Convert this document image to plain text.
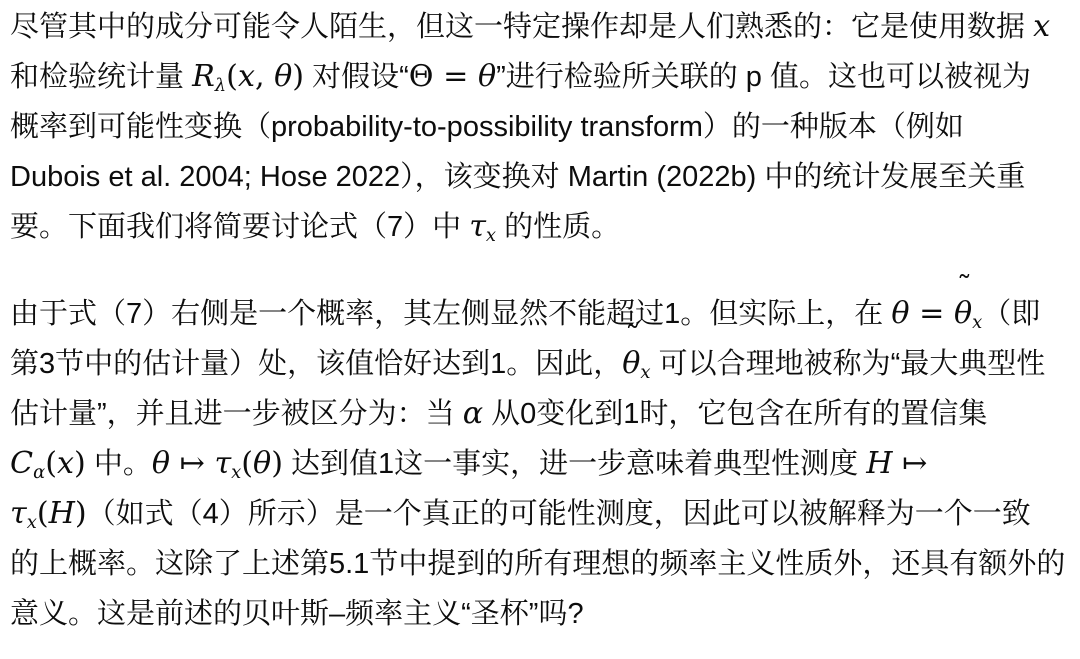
尽管其中的成分可能令人陌生，但这一特定操作却是人们熟悉的：它是使用数据 x
和检验统计量 Rλ(x, θ) 对假设“Θ = θ”进行检验所关联的 p 值。这也可以被视为
概率到可能性变换（probability-to-possibility transform）的一种版本（例如
Dubois et al. 2004; Hose 2022），该变换对 Martin (2022b) 中的统计发展至关重
要。下面我们将简要讨论式（7）中 τx 的性质。
由于式（7）右侧是一个概率，其左侧显然不能超过1。但实际上，在 θ = θ
˜
x（即
第3节中的估计量）处，该值恰好达到1。因此，θ
˜
x 可以合理地被称为“最大典型性
估计量”，并且进一步被区分为：当 α 从0变化到1时，它包含在所有的置信集
Cα(x) 中。θ ↦ τx(θ) 达到值1这一事实，进一步意味着典型性测度 H ↦
τx(H)（如式（4）所示）是一个真正的可能性测度，因此可以被解释为一个一致
的上概率。这除了上述第5.1节中提到的所有理想的频率主义性质外，还具有额外的
意义。这是前述的贝叶斯–频率主义“圣杯”吗?
